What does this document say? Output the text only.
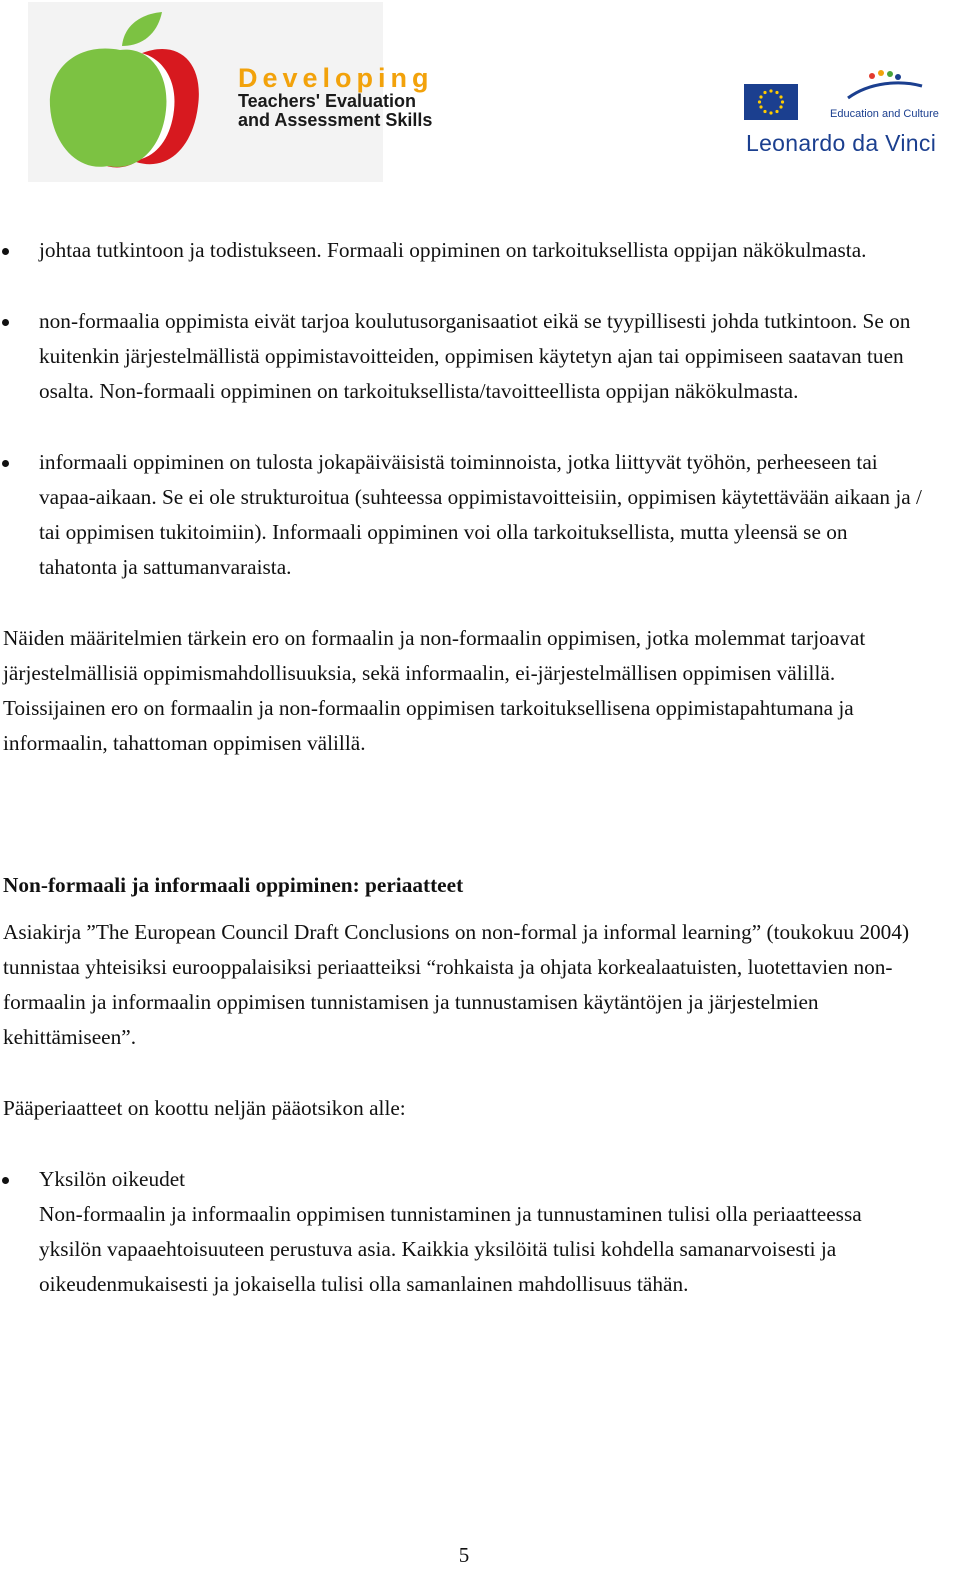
Developing
Teachers' Evaluation
and Assessment Skills	Education and Culture
Leonardo da Vinci
johtaa tutkintoon ja todistukseen. Formaali oppiminen on tarkoituksellista oppijan näkökulmasta.
non-formaalia oppimista eivät tarjoa koulutusorganisaatiot eikä se tyypillisesti johda tutkintoon. Se on kuitenkin järjestelmällistä oppimistavoitteiden, oppimisen käytetyn ajan tai oppimiseen saatavan tuen osalta. Non-formaali oppiminen on tarkoituksellista/tavoitteellista oppijan näkökulmasta.
informaali oppiminen on tulosta jokapäiväisistä toiminnoista, jotka liittyvät työhön, perheeseen tai vapaa-aikaan. Se ei ole strukturoitua (suhteessa oppimistavoitteisiin, oppimisen käytettävään aikaan ja / tai oppimisen tukitoimiin). Informaali oppiminen voi olla tarkoituksellista, mutta yleensä se on tahatonta ja sattumanvaraista.

Näiden määritelmien tärkein ero on formaalin ja non-formaalin oppimisen, jotka molemmat tarjoavat järjestelmällisiä oppimismahdollisuuksia, sekä informaalin, ei-järjestelmällisen oppimisen välillä. Toissijainen ero on formaalin ja non-formaalin oppimisen tarkoituksellisena oppimistapahtumana ja informaalin, tahattoman oppimisen välillä.

Non-formaali ja informaali oppiminen: periaatteet

Asiakirja ”The European Council Draft Conclusions on non-formal ja informal learning” (toukokuu 2004) tunnistaa yhteisiksi eurooppalaisiksi periaatteiksi “rohkaista ja ohjata korkealaatuisten, luotettavien non-formaalin ja informaalin oppimisen tunnistamisen ja tunnustamisen käytäntöjen ja järjestelmien kehittämiseen”.

Pääperiaatteet on koottu neljän pääotsikon alle:

Yksilön oikeudet
Non-formaalin ja informaalin oppimisen tunnistaminen ja tunnustaminen tulisi olla periaatteessa yksilön vapaaehtoisuuteen perustuva asia. Kaikkia yksilöitä tulisi kohdella samanarvoisesti ja oikeudenmukaisesti ja jokaisella tulisi olla samanlainen mahdollisuus tähän.
5
